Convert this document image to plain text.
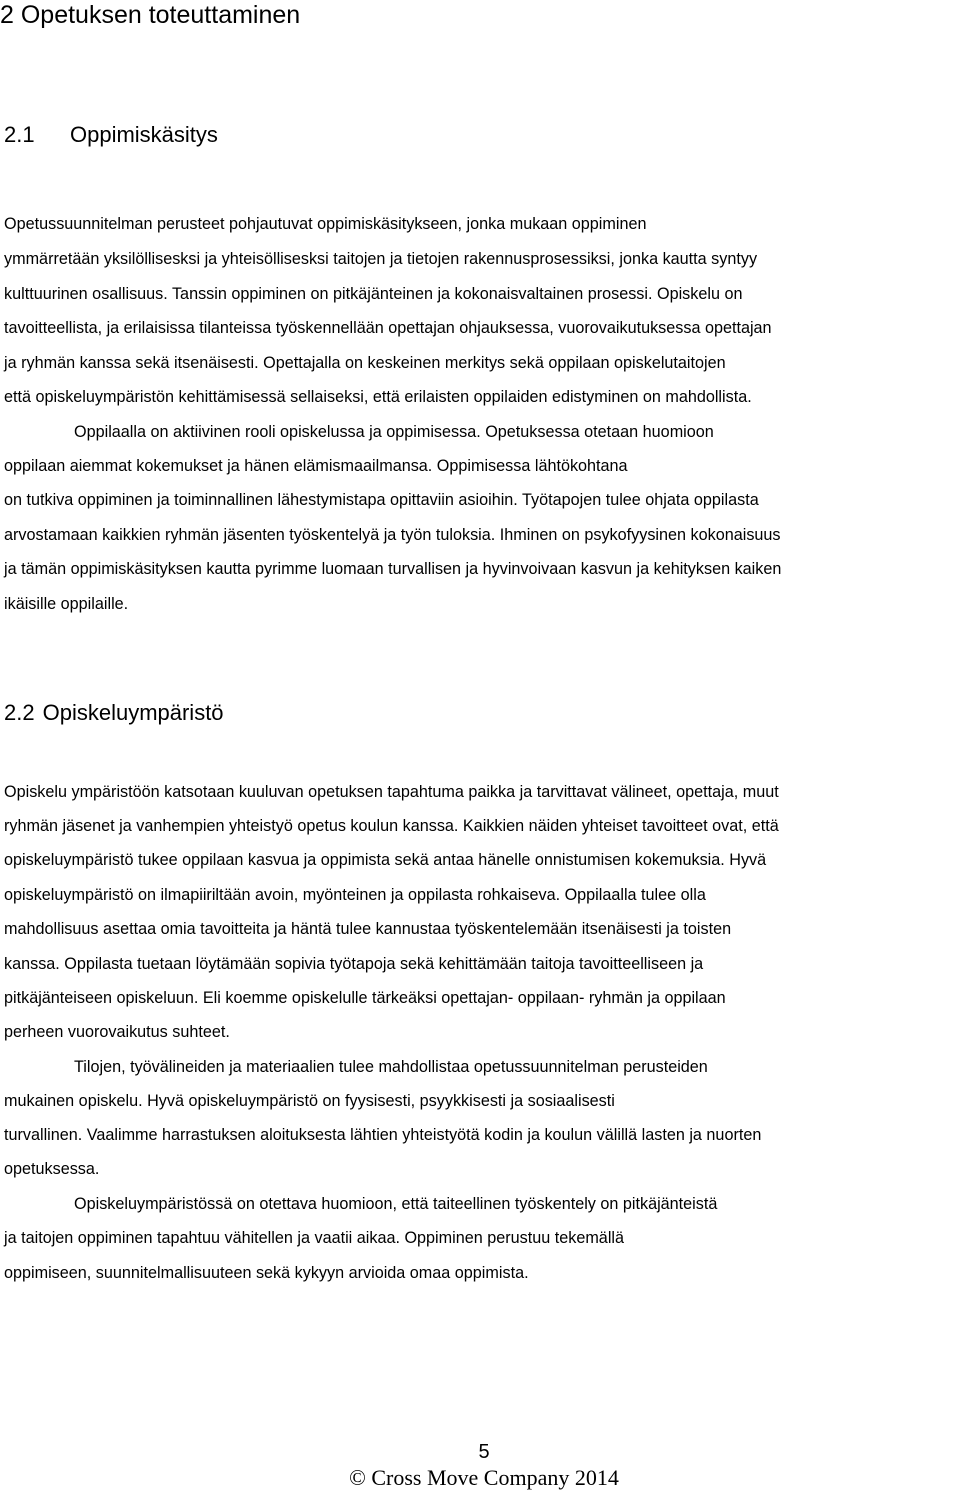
2 Opetuksen toteuttaminen
2.1 Oppimiskäsitys
Opetussuunnitelman perusteet pohjautuvat oppimiskäsitykseen, jonka mukaan oppiminen
ymmärretään yksilöllisesksi ja yhteisöllisesksi taitojen ja tietojen rakennusprosessiksi, jonka kautta syntyy
kulttuurinen osallisuus. Tanssin oppiminen on pitkäjänteinen ja kokonaisvaltainen prosessi. Opiskelu on
tavoitteellista, ja erilaisissa tilanteissa työskennellään opettajan ohjauksessa, vuorovaikutuksessa opettajan
ja ryhmän kanssa sekä itsenäisesti. Opettajalla on keskeinen merkitys sekä oppilaan opiskelutaitojen
että opiskeluympäristön kehittämisessä sellaiseksi, että erilaisten oppilaiden edistyminen on mahdollista.
Oppilaalla on aktiivinen rooli opiskelussa ja oppimisessa. Opetuksessa otetaan huomioon
oppilaan aiemmat kokemukset ja hänen elämismaailmansa. Oppimisessa lähtökohtana
on tutkiva oppiminen ja toiminnallinen lähestymistapa opittaviin asioihin. Työtapojen tulee ohjata oppilasta
arvostamaan kaikkien ryhmän jäsenten työskentelyä ja työn tuloksia. Ihminen on psykofyysinen kokonaisuus
ja tämän oppimiskäsityksen kautta pyrimme luomaan turvallisen ja hyvinvoivaan kasvun ja kehityksen kaiken
ikäisille oppilaille.
2.2 Opiskeluympäristö
Opiskelu ympäristöön katsotaan kuuluvan opetuksen tapahtuma paikka ja tarvittavat välineet, opettaja, muut
ryhmän jäsenet ja vanhempien yhteistyö opetus koulun kanssa. Kaikkien näiden yhteiset tavoitteet ovat, että
opiskeluympäristö tukee oppilaan kasvua ja oppimista sekä antaa hänelle onnistumisen kokemuksia. Hyvä
opiskeluympäristö on ilmapiiriltään avoin, myönteinen ja oppilasta rohkaiseva. Oppilaalla tulee olla
mahdollisuus asettaa omia tavoitteita ja häntä tulee kannustaa työskentelemään itsenäisesti ja toisten
kanssa. Oppilasta tuetaan löytämään sopivia työtapoja sekä kehittämään taitoja tavoitteelliseen ja
pitkäjänteiseen opiskeluun. Eli koemme opiskelulle tärkeäksi opettajan- oppilaan- ryhmän ja oppilaan
perheen vuorovaikutus suhteet.
Tilojen, työvälineiden ja materiaalien tulee mahdollistaa opetussuunnitelman perusteiden
mukainen opiskelu. Hyvä opiskeluympäristö on fyysisesti, psyykkisesti ja sosiaalisesti
turvallinen. Vaalimme harrastuksen aloituksesta lähtien yhteistyötä kodin ja koulun välillä lasten ja nuorten
opetuksessa.
Opiskeluympäristössä on otettava huomioon, että taiteellinen työskentely on pitkäjänteistä
ja taitojen oppiminen tapahtuu vähitellen ja vaatii aikaa. Oppiminen perustuu tekemällä
oppimiseen, suunnitelmallisuuteen sekä kykyyn arvioida omaa oppimista.
5
© Cross Move Company 2014
